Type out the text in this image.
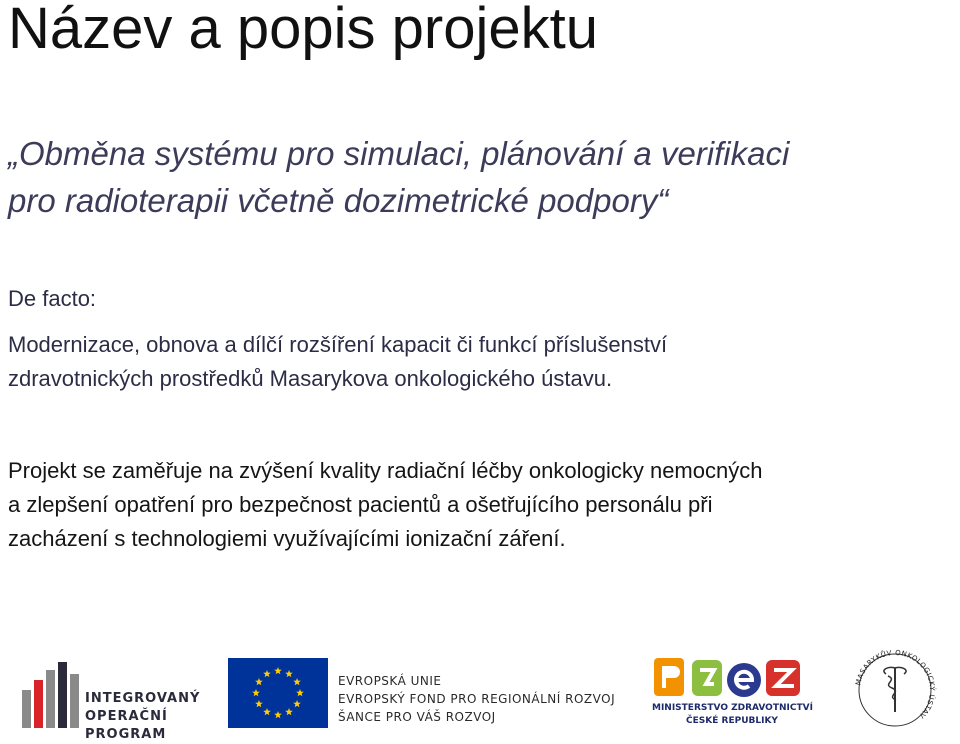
Název a popis projektu
„Obměna systému pro simulaci, plánování a verifikaci
pro radioterapii včetně dozimetrické podpory“
De facto:
Modernizace, obnova a dílčí rozšíření kapacit či funkcí příslušenství
zdravotnických prostředků Masarykova onkologického ústavu.
Projekt se zaměřuje na zvýšení kvality radiační léčby onkologicky nemocných
a zlepšení opatření pro bezpečnost pacientů a ošetřujícího personálu při
zacházení s technologiemi využívajícími ionizační záření.
INTEGROVANÝ
OPERAČNÍ
PROGRAM
EVROPSKÁ UNIE
EVROPSKÝ FOND PRO REGIONÁLNÍ ROZVOJ
ŠANCE PRO VÁŠ ROZVOJ
MINISTERSTVO ZDRAVOTNICTVÍ
ČESKÉ REPUBLIKY
MASARYKŮV ONKOLOGICKÝ ÚSTAV
